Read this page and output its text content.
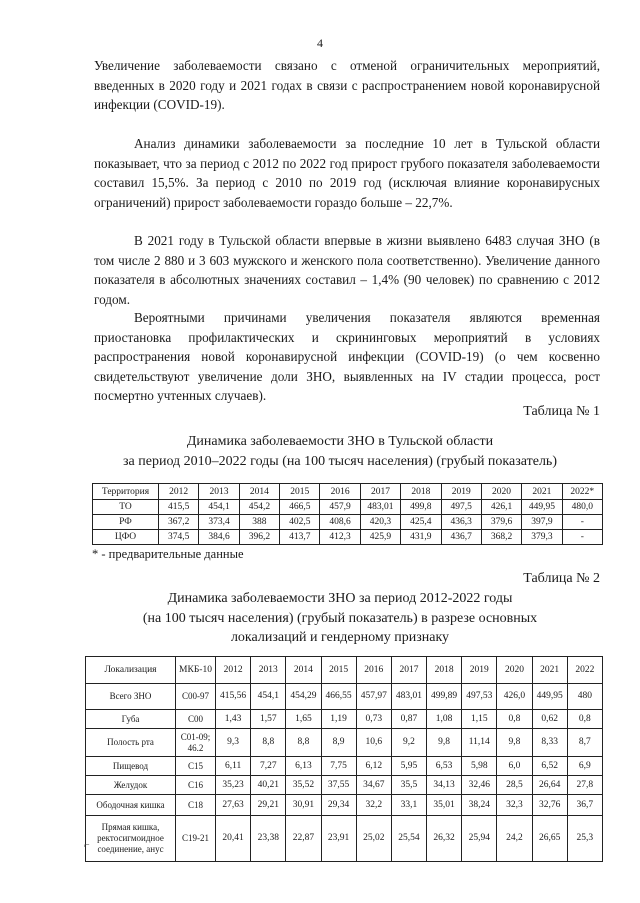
4

Увеличение заболеваемости связано с отменой ограничительных мероприятий, введенных в 2020 году и 2021 годах в связи с распространением новой коронавирусной инфекции (COVID-19).

Анализ динамики заболеваемости за последние 10 лет в Тульской области показывает, что за период с 2012 по 2022 год прирост грубого показателя заболеваемости составил 15,5%. За период с 2010 по 2019 год (исключая влияние коронавирусных ограничений) прирост заболеваемости гораздо больше – 22,7%.

В 2021 году в Тульской области впервые в жизни выявлено 6483 случая ЗНО (в том числе 2 880 и 3 603 мужского и женского пола соответственно). Увеличение данного показателя в абсолютных значениях составил – 1,4% (90 человек) по сравнению с 2012 годом.

Вероятными причинами увеличения показателя являются временная приостановка профилактических и скрининговых мероприятий в условиях распространения новой коронавирусной инфекции (COVID-19) (о чем косвенно свидетельствуют увеличение доли ЗНО, выявленных на IV стадии процесса, рост посмертно учтенных случаев).

Таблица № 1
Динамика заболеваемости ЗНО в Тульской области
за период 2010–2022 годы (на 100 тысяч населения) (грубый показатель)
Территория	2012	2013	2014	2015	2016	2017	2018	2019	2020	2021	2022*
ТО	415,5	454,1	454,2	466,5	457,9	483,01	499,8	497,5	426,1	449,95	480,0
РФ	367,2	373,4	388	402,5	408,6	420,3	425,4	436,3	379,6	397,9	-
ЦФО	374,5	384,6	396,2	413,7	412,3	425,9	431,9	436,7	368,2	379,3	-
* - предварительные данные
Таблица № 2
Динамика заболеваемости ЗНО за период 2012-2022 годы
(на 100 тысяч населения) (грубый показатель) в разрезе основных
локализаций и гендерному признаку
Локализация	МКБ-10	2012	2013	2014	2015	2016	2017	2018	2019	2020	2021	2022
Всего ЗНО	С00-97	415,56	454,1	454,29	466,55	457,97	483,01	499,89	497,53	426,0	449,95	480
Губа	С00	1,43	1,57	1,65	1,19	0,73	0,87	1,08	1,15	0,8	0,62	0,8
Полость рта	С01-09; 46.2	9,3	8,8	8,8	8,9	10,6	9,2	9,8	11,14	9,8	8,33	8,7
Пищевод	С15	6,11	7,27	6,13	7,75	6,12	5,95	6,53	5,98	6,0	6,52	6,9
Желудок	С16	35,23	40,21	35,52	37,55	34,67	35,5	34,13	32,46	28,5	26,64	27,8
Ободочная кишка	С18	27,63	29,21	30,91	29,34	32,2	33,1	35,01	38,24	32,3	32,76	36,7
Прямая кишка, ректосигмоидное соединение, анус	С19-21	20,41	23,38	22,87	23,91	25,02	25,54	26,32	25,94	24,2	26,65	25,3
⌐
